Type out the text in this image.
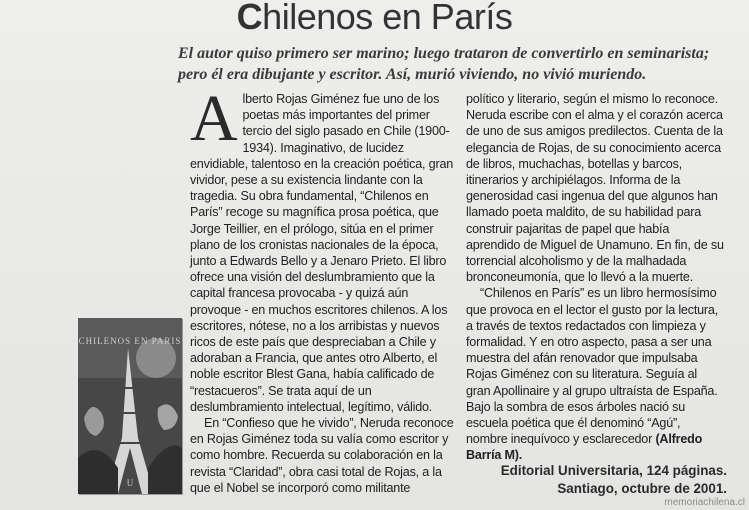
Chilenos en París

El autor quiso primero ser marino; luego trataron de convertirlo en seminarista; pero él era dibujante y escritor. Así, murió viviendo, no vivió muriendo.

U
CHILENOS EN PARIS

Alberto Rojas Giménez fue uno de los poetas más importantes del primer tercio del siglo pasado en Chile (1900-1934). Imaginativo, de lucidez envidiable, talentoso en la creación poética, gran vividor, pese a su existencia lindante con la tragedia. Su obra fundamental, “Chilenos en París” recoge su magnífica prosa poética, que Jorge Teillier, en el prólogo, sitúa en el primer plano de los cronistas nacionales de la época, junto a Edwards Bello y a Jenaro Prieto. El libro ofrece una visión del deslumbramiento que la capital francesa provocaba - y quizá aún provoque - en muchos escritores chilenos. A los escritores, nótese, no a los arribistas y nuevos ricos de este país que despreciaban a Chile y adoraban a Francia, que antes otro Alberto, el noble escritor Blest Gana, había calificado de “restacueros”. Se trata aquí de un deslumbramiento intelectual, legítimo, válido.

En “Confieso que he vivido”, Neruda reconoce en Rojas Giménez toda su valía como escritor y como hombre. Recuerda su colaboración en la revista “Claridad”, obra casi total de Rojas, a la que el Nobel se incorporó como militante

político y literario, según el mismo lo reconoce. Neruda escribe con el alma y el corazón acerca de uno de sus amigos predilectos. Cuenta de la elegancia de Rojas, de su conocimiento acerca de libros, muchachas, botellas y barcos, itinerarios y archipiélagos. Informa de la generosidad casi ingenua del que algunos han llamado poeta maldito, de su habilidad para construir pajaritas de papel que había aprendido de Miguel de Unamuno. En fin, de su torrencial alcoholismo y de la malhadada bronconeumonía, que lo llevó a la muerte.

“Chilenos en París” es un libro hermosísimo que provoca en el lector el gusto por la lectura, a través de textos redactados con limpieza y formalidad. Y en otro aspecto, pasa a ser una muestra del afán renovador que impulsaba Rojas Giménez con su literatura. Seguía al gran Apollinaire y al grupo ultraísta de España. Bajo la sombra de esos árboles nació su escuela poética que él denominó “Agú”, nombre inequívoco y esclarecedor (Alfredo Barría M).

Editorial Universitaria, 124 páginas.
Santiago, octubre de 2001.
memoriachilena.cl
